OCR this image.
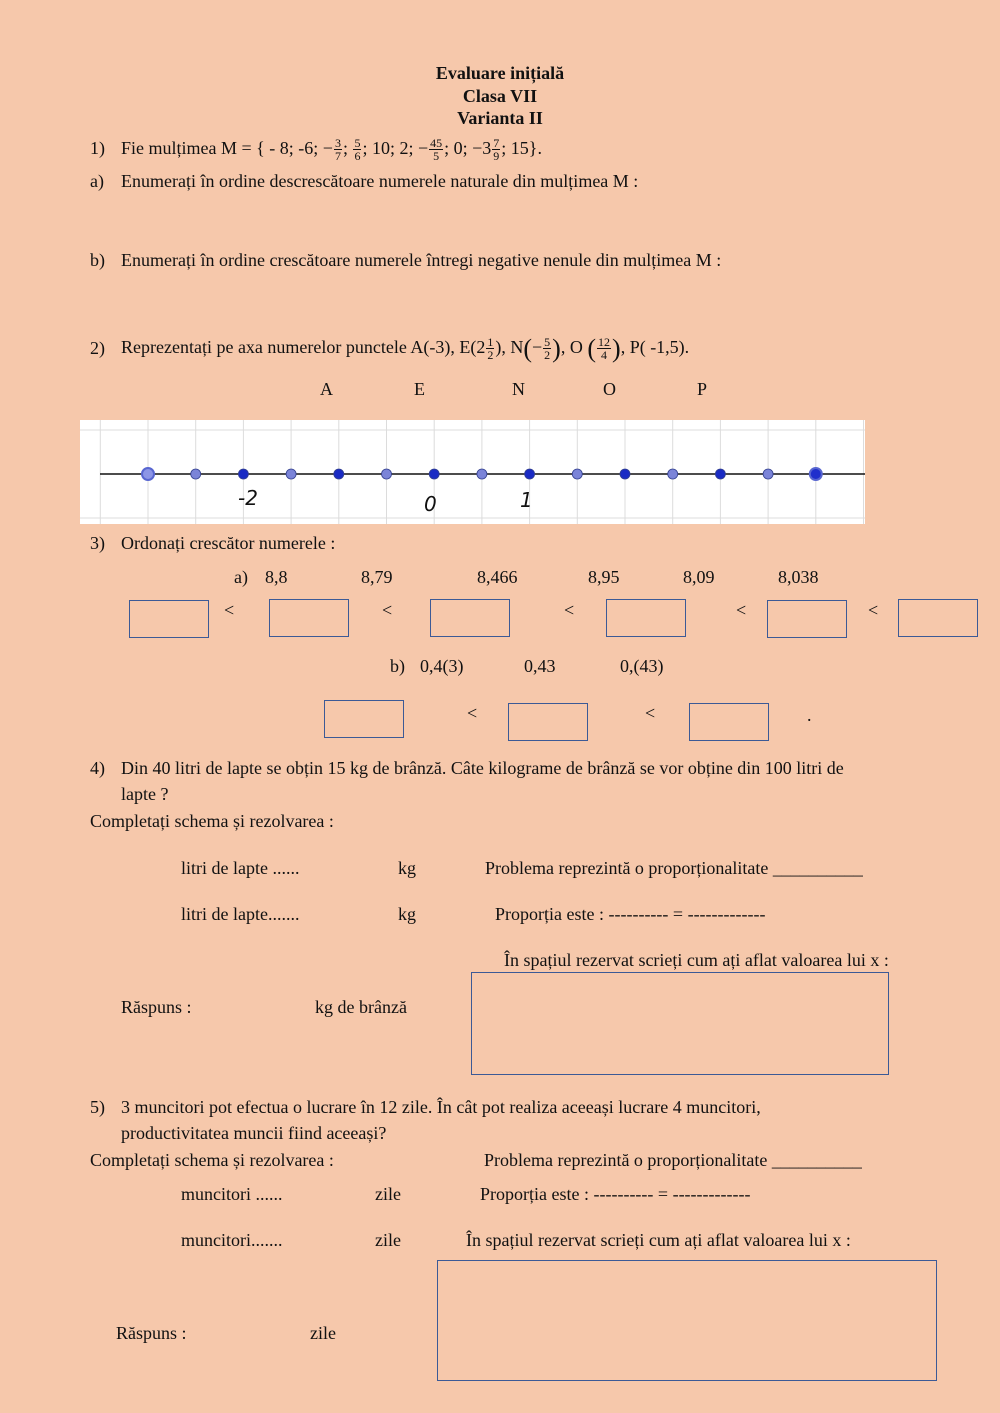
Evaluare inițială
Clasa VII
Varianta II
1) Fie mulțimea M = { - 8; -6; − $\frac{3}{7}$ ; $\frac{5}{6}$ ; 10; 2; − $\frac{45}{5}$ ; 0; $-3 \frac{7}{9}$ ; 15}.
a) Enumerați în ordine descrescătoare numerele naturale din mulțimea M :
b) Enumerați în ordine crescătoare numerele întregi negative nenule din mulțimea M :
2) Reprezentați pe axa numerelor punctele A(-3), $E(2 \frac{1}{2}$ ), $N(- \frac{5}{2}$ ), O ( $\frac{12}{4}$ ), P( -1,5).
A	E	N	O	P
-2	0	1
3) Ordonați crescător numerele :
a) 8,8	8,79	8,466	8,95	8,09	8,038
<	<	<	<	<
b) 0,4(3)	0,43	0,(43)
<	<	.
4) Din 40 litri de lapte se obțin 15 kg de brânză. Câte kilograme de brânză se vor obține din 100 litri de
lapte ?
Completați schema și rezolvarea :
litri de lapte ......	kg	Problema reprezintă o proporționalitate __________
litri de lapte.......	kg	Proporția este : ---------- = -------------
În spațiul rezervat scrieți cum ați aflat valoarea lui x :
Răspuns :	kg de brânză
5) 3 muncitori pot efectua o lucrare în 12 zile. În cât pot realiza aceeași lucrare 4 muncitori,
productivitatea muncii fiind aceeași?
Completați schema și rezolvarea :	Problema reprezintă o proporționalitate __________
muncitori ......	zile	Proporția este : ---------- = -------------
muncitori.......	zile	În spațiul rezervat scrieți cum ați aflat valoarea lui x :
Răspuns :	zile
